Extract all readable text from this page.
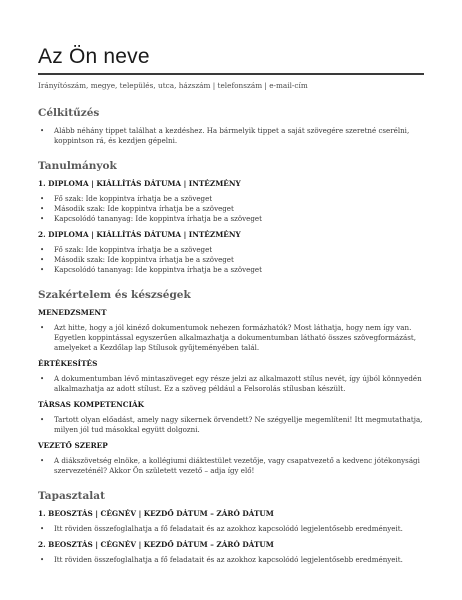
Az Ön neve
Irányítószám, megye, település, utca, házszám | telefonszám | e-mail-cím
Célkitűzés
• Alább néhány tippet találhat a kezdéshez. Ha bármelyik tippet a saját szövegére szeretné cserélni, koppintson rá, és kezdjen gépelni.
Tanulmányok
1. DIPLOMA | KIÁLLÍTÁS DÁTUMA | INTÉZMÉNY
• Fő szak: Ide koppintva írhatja be a szöveget
• Második szak: Ide koppintva írhatja be a szöveget
• Kapcsolódó tananyag: Ide koppintva írhatja be a szöveget
2. DIPLOMA | KIÁLLÍTÁS DÁTUMA | INTÉZMÉNY
• Fő szak: Ide koppintva írhatja be a szöveget
• Második szak: Ide koppintva írhatja be a szöveget
• Kapcsolódó tananyag: Ide koppintva írhatja be a szöveget
Szakértelem és készségek
MENEDZSMENT
• Azt hitte, hogy a jól kinéző dokumentumok nehezen formázhatók? Most láthatja, hogy nem így van. Egyetlen koppintással egyszerűen alkalmazhatja a dokumentumban látható összes szövegformázást, amelyeket a Kezdőlap lap Stílusok gyűjteményében talál.
ÉRTÉKESÍTÉS
• A dokumentumban lévő mintaszöveget egy része jelzi az alkalmazott stílus nevét, így újból könnyedén alkalmazhatja az adott stílust. Ez a szöveg például a Felsorolás stílusban készült.
TÁRSAS KOMPETENCIÁK
• Tartott olyan előadást, amely nagy sikernek örvendett? Ne szégyellje megemlíteni! Itt megmutathatja, milyen jól tud másokkal együtt dolgozni.
VEZETŐ SZEREP
• A diákszövetség elnöke, a kollégiumi diáktestület vezetője, vagy csapatvezető a kedvenc jótékonysági szervezeténél? Akkor Ön született vezető – adja így elő!
Tapasztalat
1. BEOSZTÁS | CÉGNÉV | KEZDŐ DÁTUM – ZÁRÓ DÁTUM
• Itt röviden összefoglalhatja a fő feladatait és az azokhoz kapcsolódó legjelentősebb eredményeit.
2. BEOSZTÁS | CÉGNÉV | KEZDŐ DÁTUM – ZÁRÓ DÁTUM
• Itt röviden összefoglalhatja a fő feladatait és az azokhoz kapcsolódó legjelentősebb eredményeit.
